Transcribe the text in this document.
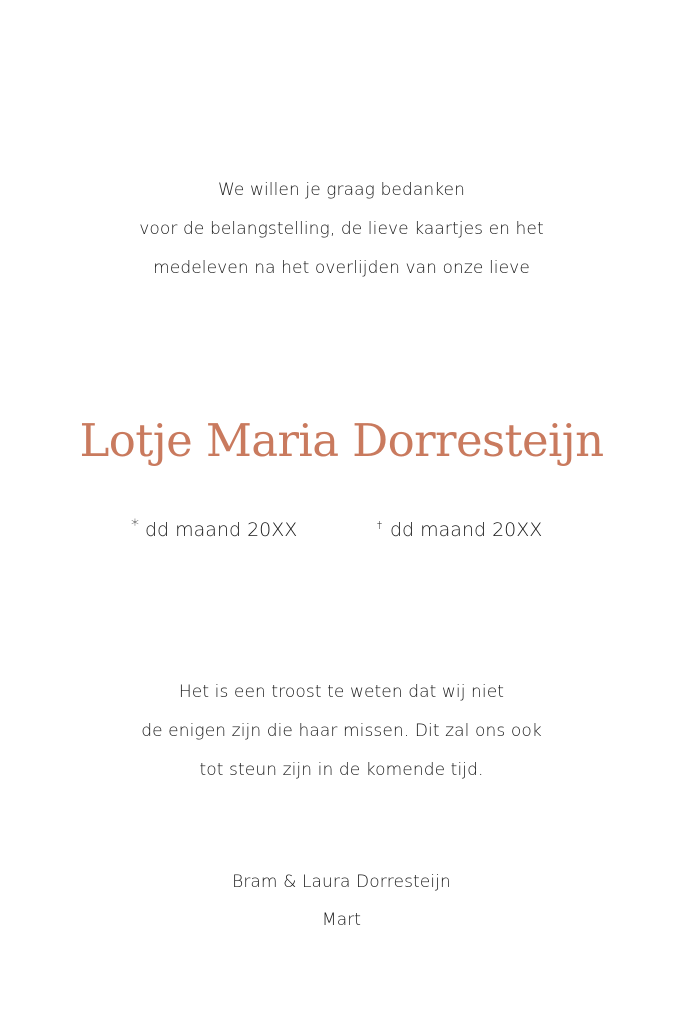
We willen je graag bedanken
voor de belangstelling, de lieve kaartjes en het
medeleven na het overlijden van onze lieve
Lotje Maria Dorresteijn
* dd maand 20XX	† dd maand 20XX
Het is een troost te weten dat wij niet
de enigen zijn die haar missen. Dit zal ons ook
tot steun zijn in de komende tijd.
Bram & Laura Dorresteijn
Mart
